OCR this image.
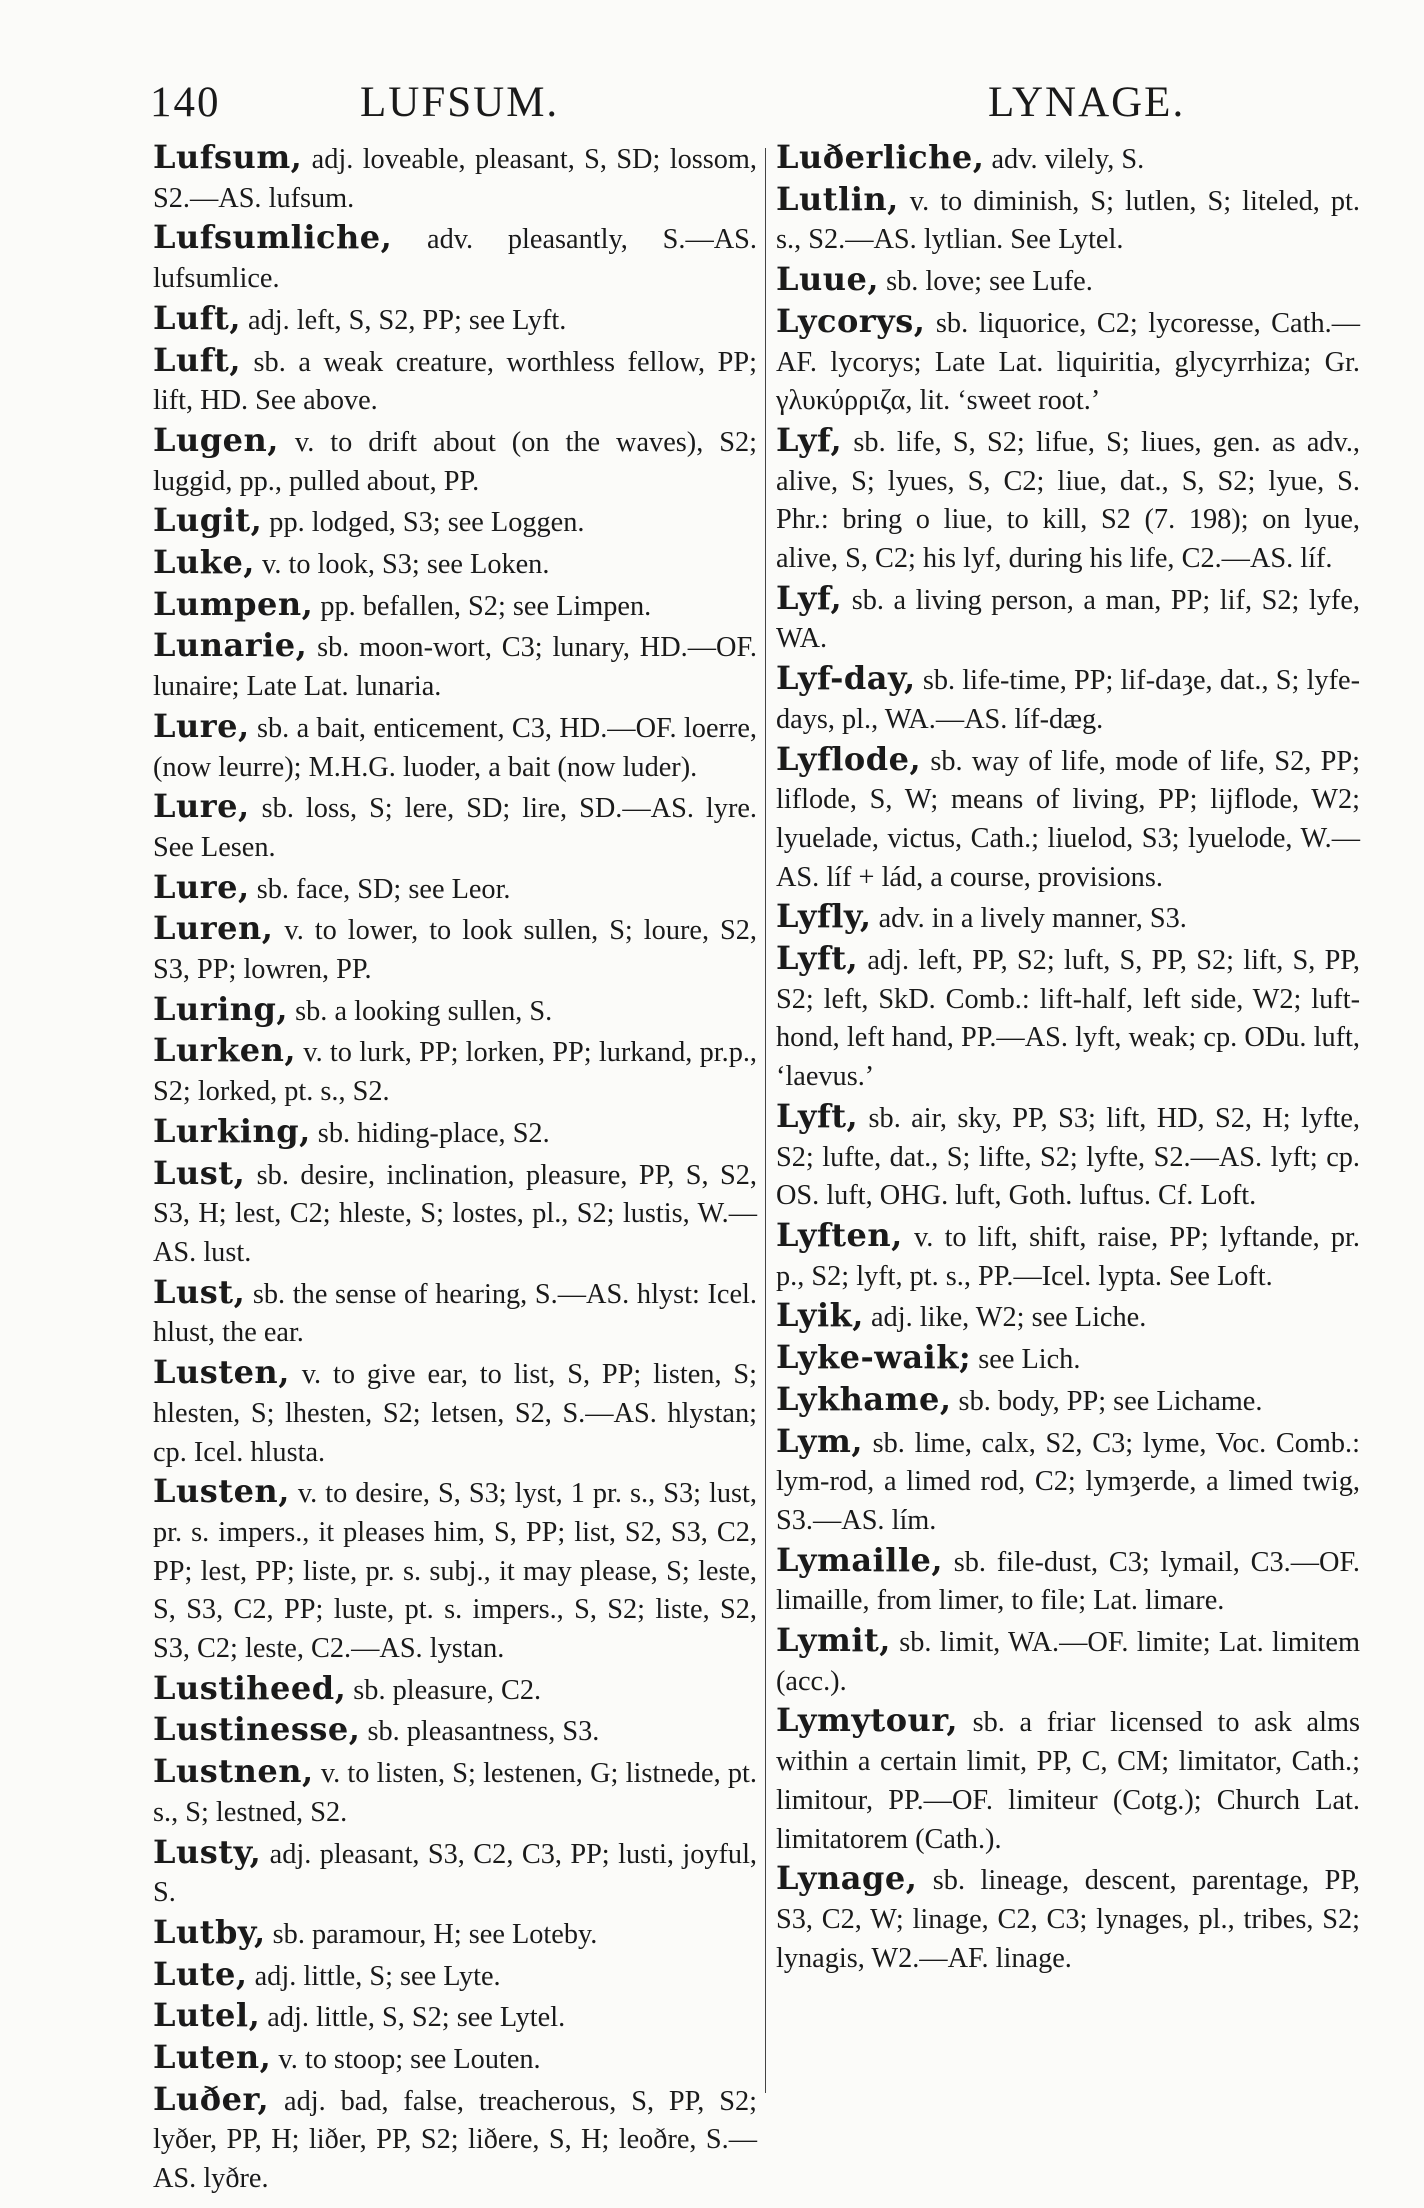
140	LUFSUM.	LYNAGE.

Lufsum, adj. loveable, pleasant, S, SD; lossom, S2.—AS. lufsum.

Lufsumliche, adv. pleasantly, S.—AS. lufsumlice.

Luft, adj. left, S, S2, PP; see Lyft.

Luft, sb. a weak creature, worthless fellow, PP; lift, HD. See above.

Lugen, v. to drift about (on the waves), S2; luggid, pp., pulled about, PP.

Lugit, pp. lodged, S3; see Loggen.

Luke, v. to look, S3; see Loken.

Lumpen, pp. befallen, S2; see Limpen.

Lunarie, sb. moon-wort, C3; lunary, HD.—OF. lunaire; Late Lat. lunaria.

Lure, sb. a bait, enticement, C3, HD.—OF. loerre, (now leurre); M.H.G. luoder, a bait (now luder).

Lure, sb. loss, S; lere, SD; lire, SD.—AS. lyre. See Lesen.

Lure, sb. face, SD; see Leor.

Luren, v. to lower, to look sullen, S; loure, S2, S3, PP; lowren, PP.

Luring, sb. a looking sullen, S.

Lurken, v. to lurk, PP; lorken, PP; lurkand, pr.p., S2; lorked, pt. s., S2.

Lurking, sb. hiding-place, S2.

Lust, sb. desire, inclination, pleasure, PP, S, S2, S3, H; lest, C2; hleste, S; lostes, pl., S2; lustis, W.—AS. lust.

Lust, sb. the sense of hearing, S.—AS. hlyst: Icel. hlust, the ear.

Lusten, v. to give ear, to list, S, PP; listen, S; hlesten, S; lhesten, S2; letsen, S2, S.—AS. hlystan; cp. Icel. hlusta.

Lusten, v. to desire, S, S3; lyst, 1 pr. s., S3; lust, pr. s. impers., it pleases him, S, PP; list, S2, S3, C2, PP; lest, PP; liste, pr. s. subj., it may please, S; leste, S, S3, C2, PP; luste, pt. s. impers., S, S2; liste, S2, S3, C2; leste, C2.—AS. lystan.

Lustiheed, sb. pleasure, C2.

Lustinesse, sb. pleasantness, S3.

Lustnen, v. to listen, S; lestenen, G; listnede, pt. s., S; lestned, S2.

Lusty, adj. pleasant, S3, C2, C3, PP; lusti, joyful, S.

Lutby, sb. paramour, H; see Loteby.

Lute, adj. little, S; see Lyte.

Lutel, adj. little, S, S2; see Lytel.

Luten, v. to stoop; see Louten.

Luðer, adj. bad, false, treacherous, S, PP, S2; lyðer, PP, H; liðer, PP, S2; liðere, S, H; leoðre, S.—AS. lyðre.

Luðerliche, adv. vilely, S.

Lutlin, v. to diminish, S; lutlen, S; liteled, pt. s., S2.—AS. lytlian. See Lytel.

Luue, sb. love; see Lufe.

Lycorys, sb. liquorice, C2; lycoresse, Cath.—AF. lycorys; Late Lat. liquiritia, glycyrrhiza; Gr. γλυκύρριζα, lit. ‘sweet root.’

Lyf, sb. life, S, S2; lifue, S; liues, gen. as adv., alive, S; lyues, S, C2; liue, dat., S, S2; lyue, S. Phr.: bring o liue, to kill, S2 (7. 198); on lyue, alive, S, C2; his lyf, during his life, C2.—AS. líf.

Lyf, sb. a living person, a man, PP; lif, S2; lyfe, WA.

Lyf-day, sb. life-time, PP; lif-daȝe, dat., S; lyfe-days, pl., WA.—AS. líf-dæg.

Lyflode, sb. way of life, mode of life, S2, PP; liflode, S, W; means of living, PP; lijflode, W2; lyuelade, victus, Cath.; liuelod, S3; lyuelode, W.—AS. líf + lád, a course, provisions.

Lyfly, adv. in a lively manner, S3.

Lyft, adj. left, PP, S2; luft, S, PP, S2; lift, S, PP, S2; left, SkD. Comb.: lift-half, left side, W2; luft-hond, left hand, PP.—AS. lyft, weak; cp. ODu. luft, ‘laevus.’

Lyft, sb. air, sky, PP, S3; lift, HD, S2, H; lyfte, S2; lufte, dat., S; lifte, S2; lyfte, S2.—AS. lyft; cp. OS. luft, OHG. luft, Goth. luftus. Cf. Loft.

Lyften, v. to lift, shift, raise, PP; lyftande, pr. p., S2; lyft, pt. s., PP.—Icel. lypta. See Loft.

Lyik, adj. like, W2; see Liche.

Lyke-waik; see Lich.

Lykhame, sb. body, PP; see Lichame.

Lym, sb. lime, calx, S2, C3; lyme, Voc. Comb.: lym-rod, a limed rod, C2; lymȝerde, a limed twig, S3.—AS. lím.

Lymaille, sb. file-dust, C3; lymail, C3.—OF. limaille, from limer, to file; Lat. limare.

Lymit, sb. limit, WA.—OF. limite; Lat. limitem (acc.).

Lymytour, sb. a friar licensed to ask alms within a certain limit, PP, C, CM; limitator, Cath.; limitour, PP.—OF. limiteur (Cotg.); Church Lat. limitatorem (Cath.).

Lynage, sb. lineage, descent, parentage, PP, S3, C2, W; linage, C2, C3; lynages, pl., tribes, S2; lynagis, W2.—AF. linage.
